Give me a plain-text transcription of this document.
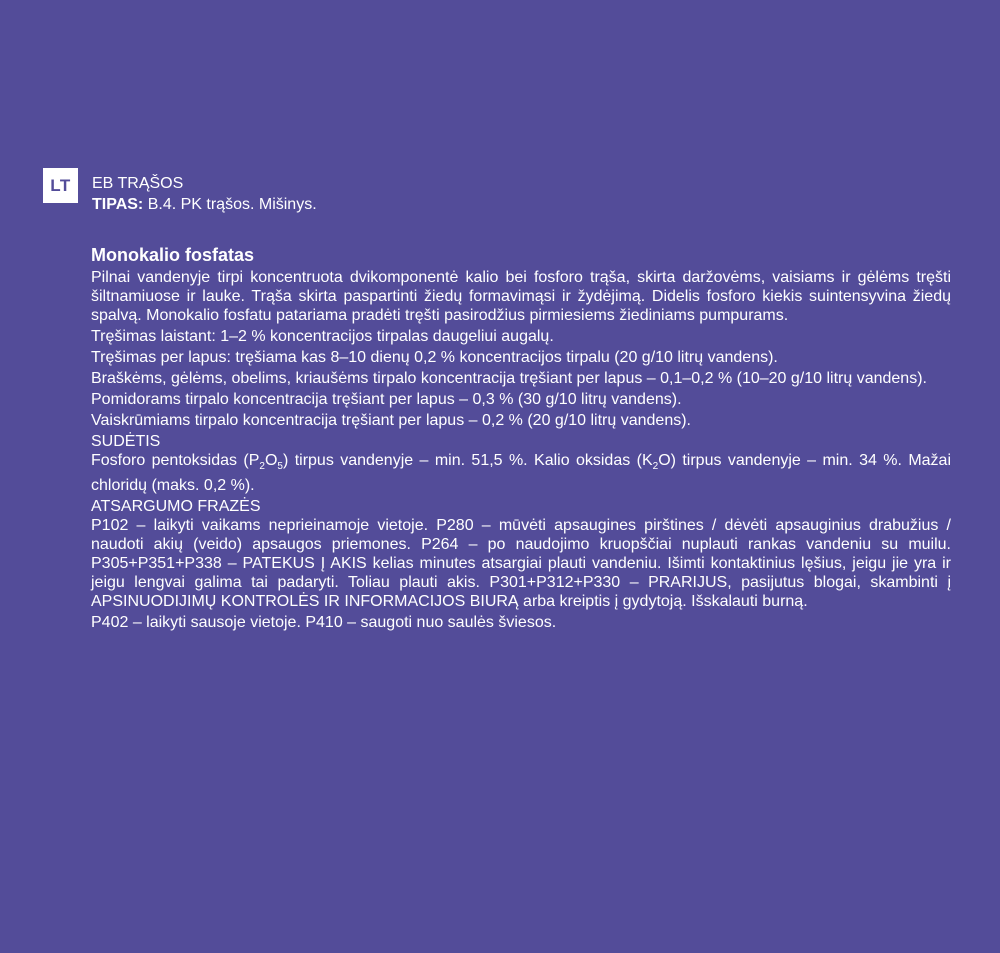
LT	EB TRĄŠOS
TIPAS: B.4. PK trąšos. Mišinys.
Monokalio fosfatas

Pilnai vandenyje tirpi koncentruota dvikomponentė kalio bei fosforo trąša, skirta daržovėms, vaisiams ir gėlėms tręšti šiltnamiuose ir lauke. Trąša skirta paspartinti žiedų formavimąsi ir žydėjimą. Didelis fosforo kiekis suintensyvina žiedų spalvą. Monokalio fosfatu patariama pradėti tręšti pasirodžius pirmiesiems žiediniams pumpurams.

Tręšimas laistant: 1–2 % koncentracijos tirpalas daugeliui augalų.

Tręšimas per lapus: tręšiama kas 8–10 dienų 0,2 % koncentracijos tirpalu (20 g/10 litrų vandens).

Braškėms, gėlėms, obelims, kriaušėms tirpalo koncentracija tręšiant per lapus – 0,1–0,2 % (10–20 g/10 litrų vandens).

Pomidorams tirpalo koncentracija tręšiant per lapus – 0,3 % (30 g/10 litrų vandens).

Vaiskrūmiams tirpalo koncentracija tręšiant per lapus – 0,2 % (20 g/10 litrų vandens).

SUDĖTIS

Fosforo pentoksidas $(P_2O_5)$ tirpus vandenyje – min. 51,5 %. Kalio oksidas $(K_2O)$ tirpus vandenyje – min. 34 %. Mažai chloridų (maks. 0,2 %).

ATSARGUMO FRAZĖS

P102 – laikyti vaikams neprieinamoje vietoje. P280 – mūvėti apsaugines pirštines / dėvėti apsauginius drabužius / naudoti akių (veido) apsaugos priemones. P264 – po naudojimo kruopščiai nuplauti rankas vandeniu su muilu. P305+P351+P338 – PATEKUS Į AKIS kelias minutes atsargiai plauti vandeniu. Išimti kontaktinius lęšius, jeigu jie yra ir jeigu lengvai galima tai padaryti. Toliau plauti akis. P301+P312+P330 – PRARIJUS, pasijutus blogai, skambinti į APSINUODIJIMŲ KONTROLĖS IR INFORMACIJOS BIURĄ arba kreiptis į gydytoją. Išskalauti burną.

P402 – laikyti sausoje vietoje. P410 – saugoti nuo saulės šviesos.
